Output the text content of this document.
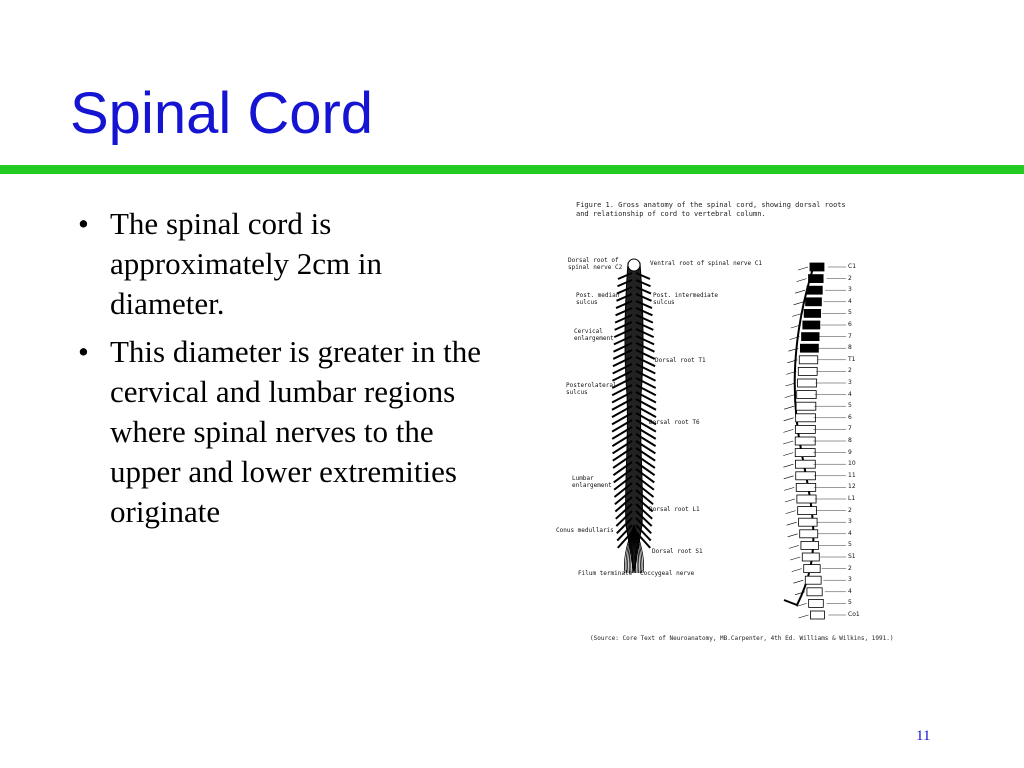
Spinal Cord
• The spinal cord is approximately 2cm in diameter.
• This diameter is greater in the cervical and lumbar regions where spinal nerves to the upper and lower extremities originate

Figure 1. Gross anatomy of the spinal cord, showing dorsal roots
and relationship of cord to vertebral column.

Dorsal root of
spinal nerve C2
Post. median
sulcus
Cervical
enlargement
Posterolateral
sulcus
Lumbar
enlargement
Conus medullaris
Filum terminale
Ventral root of spinal nerve C1
Post. intermediate
sulcus
Dorsal root T1
Dorsal root T6
Dorsal root L1
Dorsal root S1
Coccygeal nerve
C1
2
3
4
5
6
7
8
T1
2
3
4
5
6
7
8
9
10
11
12
L1
2
3
4
5
S1
2
3
4
5
Co1
(Source: Core Text of Neuroanatomy, MB.Carpenter, 4th Ed. Williams & Wilkins, 1991.)
11
